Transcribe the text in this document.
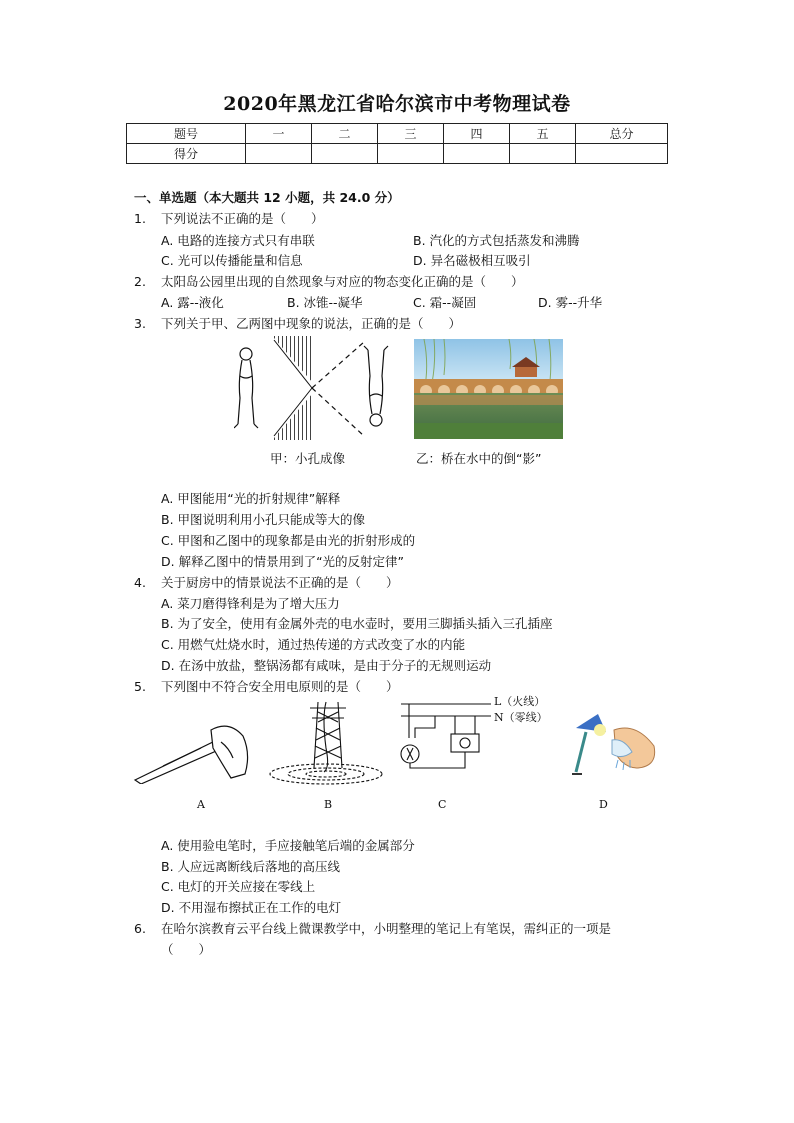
2020年黑龙江省哈尔滨市中考物理试卷
题号	一	二	三	四	五	总分
得分						
一、单选题（本大题共 12 小题，共 24.0 分）
1. 下列说法不正确的是（　　）
A. 电路的连接方式只有串联	B. 汽化的方式包括蒸发和沸腾
C. 光可以传播能量和信息	D. 异名磁极相互吸引
2. 太阳岛公园里出现的自然现象与对应的物态变化正确的是（　　）
A. 露--液化	B. 冰锥--凝华	C. 霜--凝固	D. 雾--升华
3. 下列关于甲、乙两图中现象的说法，正确的是（　　）
甲：小孔成像	乙：桥在水中的倒“影”
A. 甲图能用“光的折射规律”解释
B. 甲图说明利用小孔只能成等大的像
C. 甲图和乙图中的现象都是由光的折射形成的
D. 解释乙图中的情景用到了“光的反射定律”
4. 关于厨房中的情景说法不正确的是（　　）
A. 菜刀磨得锋利是为了增大压力
B. 为了安全，使用有金属外壳的电水壶时，要用三脚插头插入三孔插座
C. 用燃气灶烧水时，通过热传递的方式改变了水的内能
D. 在汤中放盐，整锅汤都有咸味，是由于分子的无规则运动
5. 下列图中不符合安全用电原则的是（　　）
L（火线）
N（零线）
A	B	C	D
A. 使用验电笔时，手应接触笔后端的金属部分
B. 人应远离断线后落地的高压线
C. 电灯的开关应接在零线上
D. 不用湿布擦拭正在工作的电灯
6. 在哈尔滨教育云平台线上微课教学中，小明整理的笔记上有笔误，需纠正的一项是
（　　）
